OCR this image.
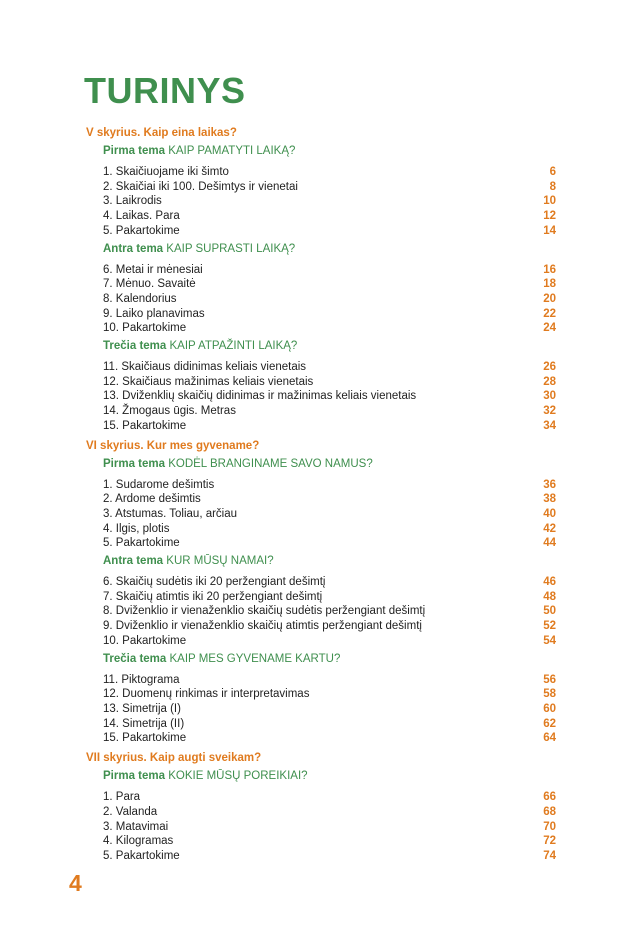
TURINYS
V skyrius. Kaip eina laikas?
Pirma tema KAIP PAMATYTI LAIKĄ?
1. Skaičiuojame iki šimto	6
2. Skaičiai iki 100. Dešimtys ir vienetai	8
3. Laikrodis	10
4. Laikas. Para	12
5. Pakartokime	14
Antra tema KAIP SUPRASTI LAIKĄ?
6. Metai ir mėnesiai	16
7. Mėnuo. Savaitė	18
8. Kalendorius	20
9. Laiko planavimas	22
10. Pakartokime	24
Trečia tema KAIP ATPAŽINTI LAIKĄ?
11. Skaičiaus didinimas keliais vienetais	26
12. Skaičiaus mažinimas keliais vienetais	28
13. Dviženklių skaičių didinimas ir mažinimas keliais vienetais	30
14. Žmogaus ūgis. Metras	32
15. Pakartokime	34
VI skyrius. Kur mes gyvename?
Pirma tema KODĖL BRANGINAME SAVO NAMUS?
1. Sudarome dešimtis	36
2. Ardome dešimtis	38
3. Atstumas. Toliau, arčiau	40
4. Ilgis, plotis	42
5. Pakartokime	44
Antra tema KUR MŪSŲ NAMAI?
6. Skaičių sudėtis iki 20 peržengiant dešimtį	46
7. Skaičių atimtis iki 20 peržengiant dešimtį	48
8. Dviženklio ir vienaženklio skaičių sudėtis peržengiant dešimtį	50
9. Dviženklio ir vienaženklio skaičių atimtis peržengiant dešimtį	52
10. Pakartokime	54
Trečia tema KAIP MES GYVENAME KARTU?
11. Piktograma	56
12. Duomenų rinkimas ir interpretavimas	58
13. Simetrija (I)	60
14. Simetrija (II)	62
15. Pakartokime	64
VII skyrius. Kaip augti sveikam?
Pirma tema KOKIE MŪSŲ POREIKIAI?
1. Para	66
2. Valanda	68
3. Matavimai	70
4. Kilogramas	72
5. Pakartokime	74
4
